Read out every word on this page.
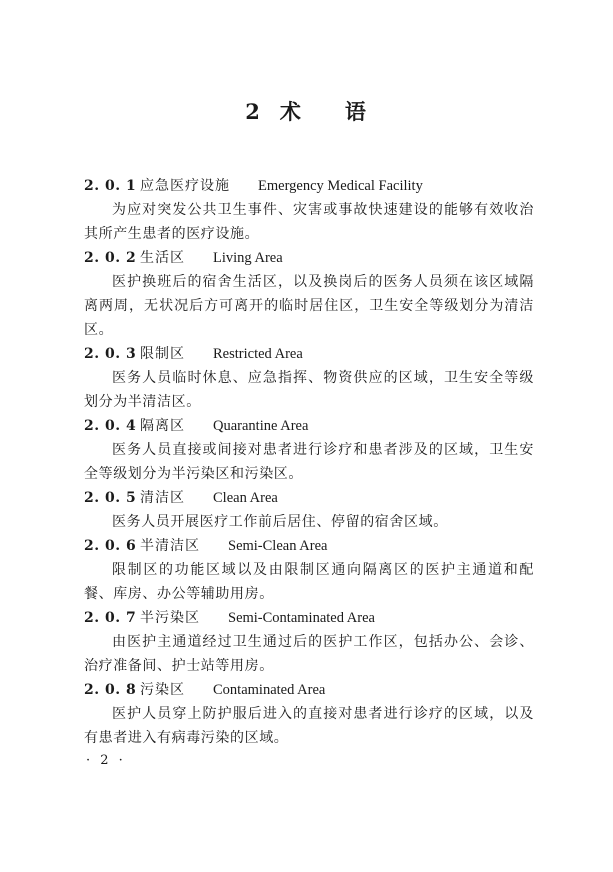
2 术 语
2. 0. 1 应急医疗设施 Emergency Medical Facility

为应对突发公共卫生事件、灾害或事故快速建设的能够有效收治其所产生患者的医疗设施。

2. 0. 2 生活区 Living Area

医护换班后的宿舍生活区，以及换岗后的医务人员须在该区域隔离两周，无状况后方可离开的临时居住区，卫生安全等级划分为清洁区。

2. 0. 3 限制区 Restricted Area

医务人员临时休息、应急指挥、物资供应的区域，卫生安全等级划分为半清洁区。

2. 0. 4 隔离区 Quarantine Area

医务人员直接或间接对患者进行诊疗和患者涉及的区域，卫生安全等级划分为半污染区和污染区。

2. 0. 5 清洁区 Clean Area

医务人员开展医疗工作前后居住、停留的宿舍区域。

2. 0. 6 半清洁区 Semi-Clean Area

限制区的功能区域以及由限制区通向隔离区的医护主通道和配餐、库房、办公等辅助用房。

2. 0. 7 半污染区 Semi-Contaminated Area

由医护主通道经过卫生通过后的医护工作区，包括办公、会诊、治疗准备间、护士站等用房。

2. 0. 8 污染区 Contaminated Area

医护人员穿上防护服后进入的直接对患者进行诊疗的区域，以及有患者进入有病毒污染的区域。

· 2 ·
